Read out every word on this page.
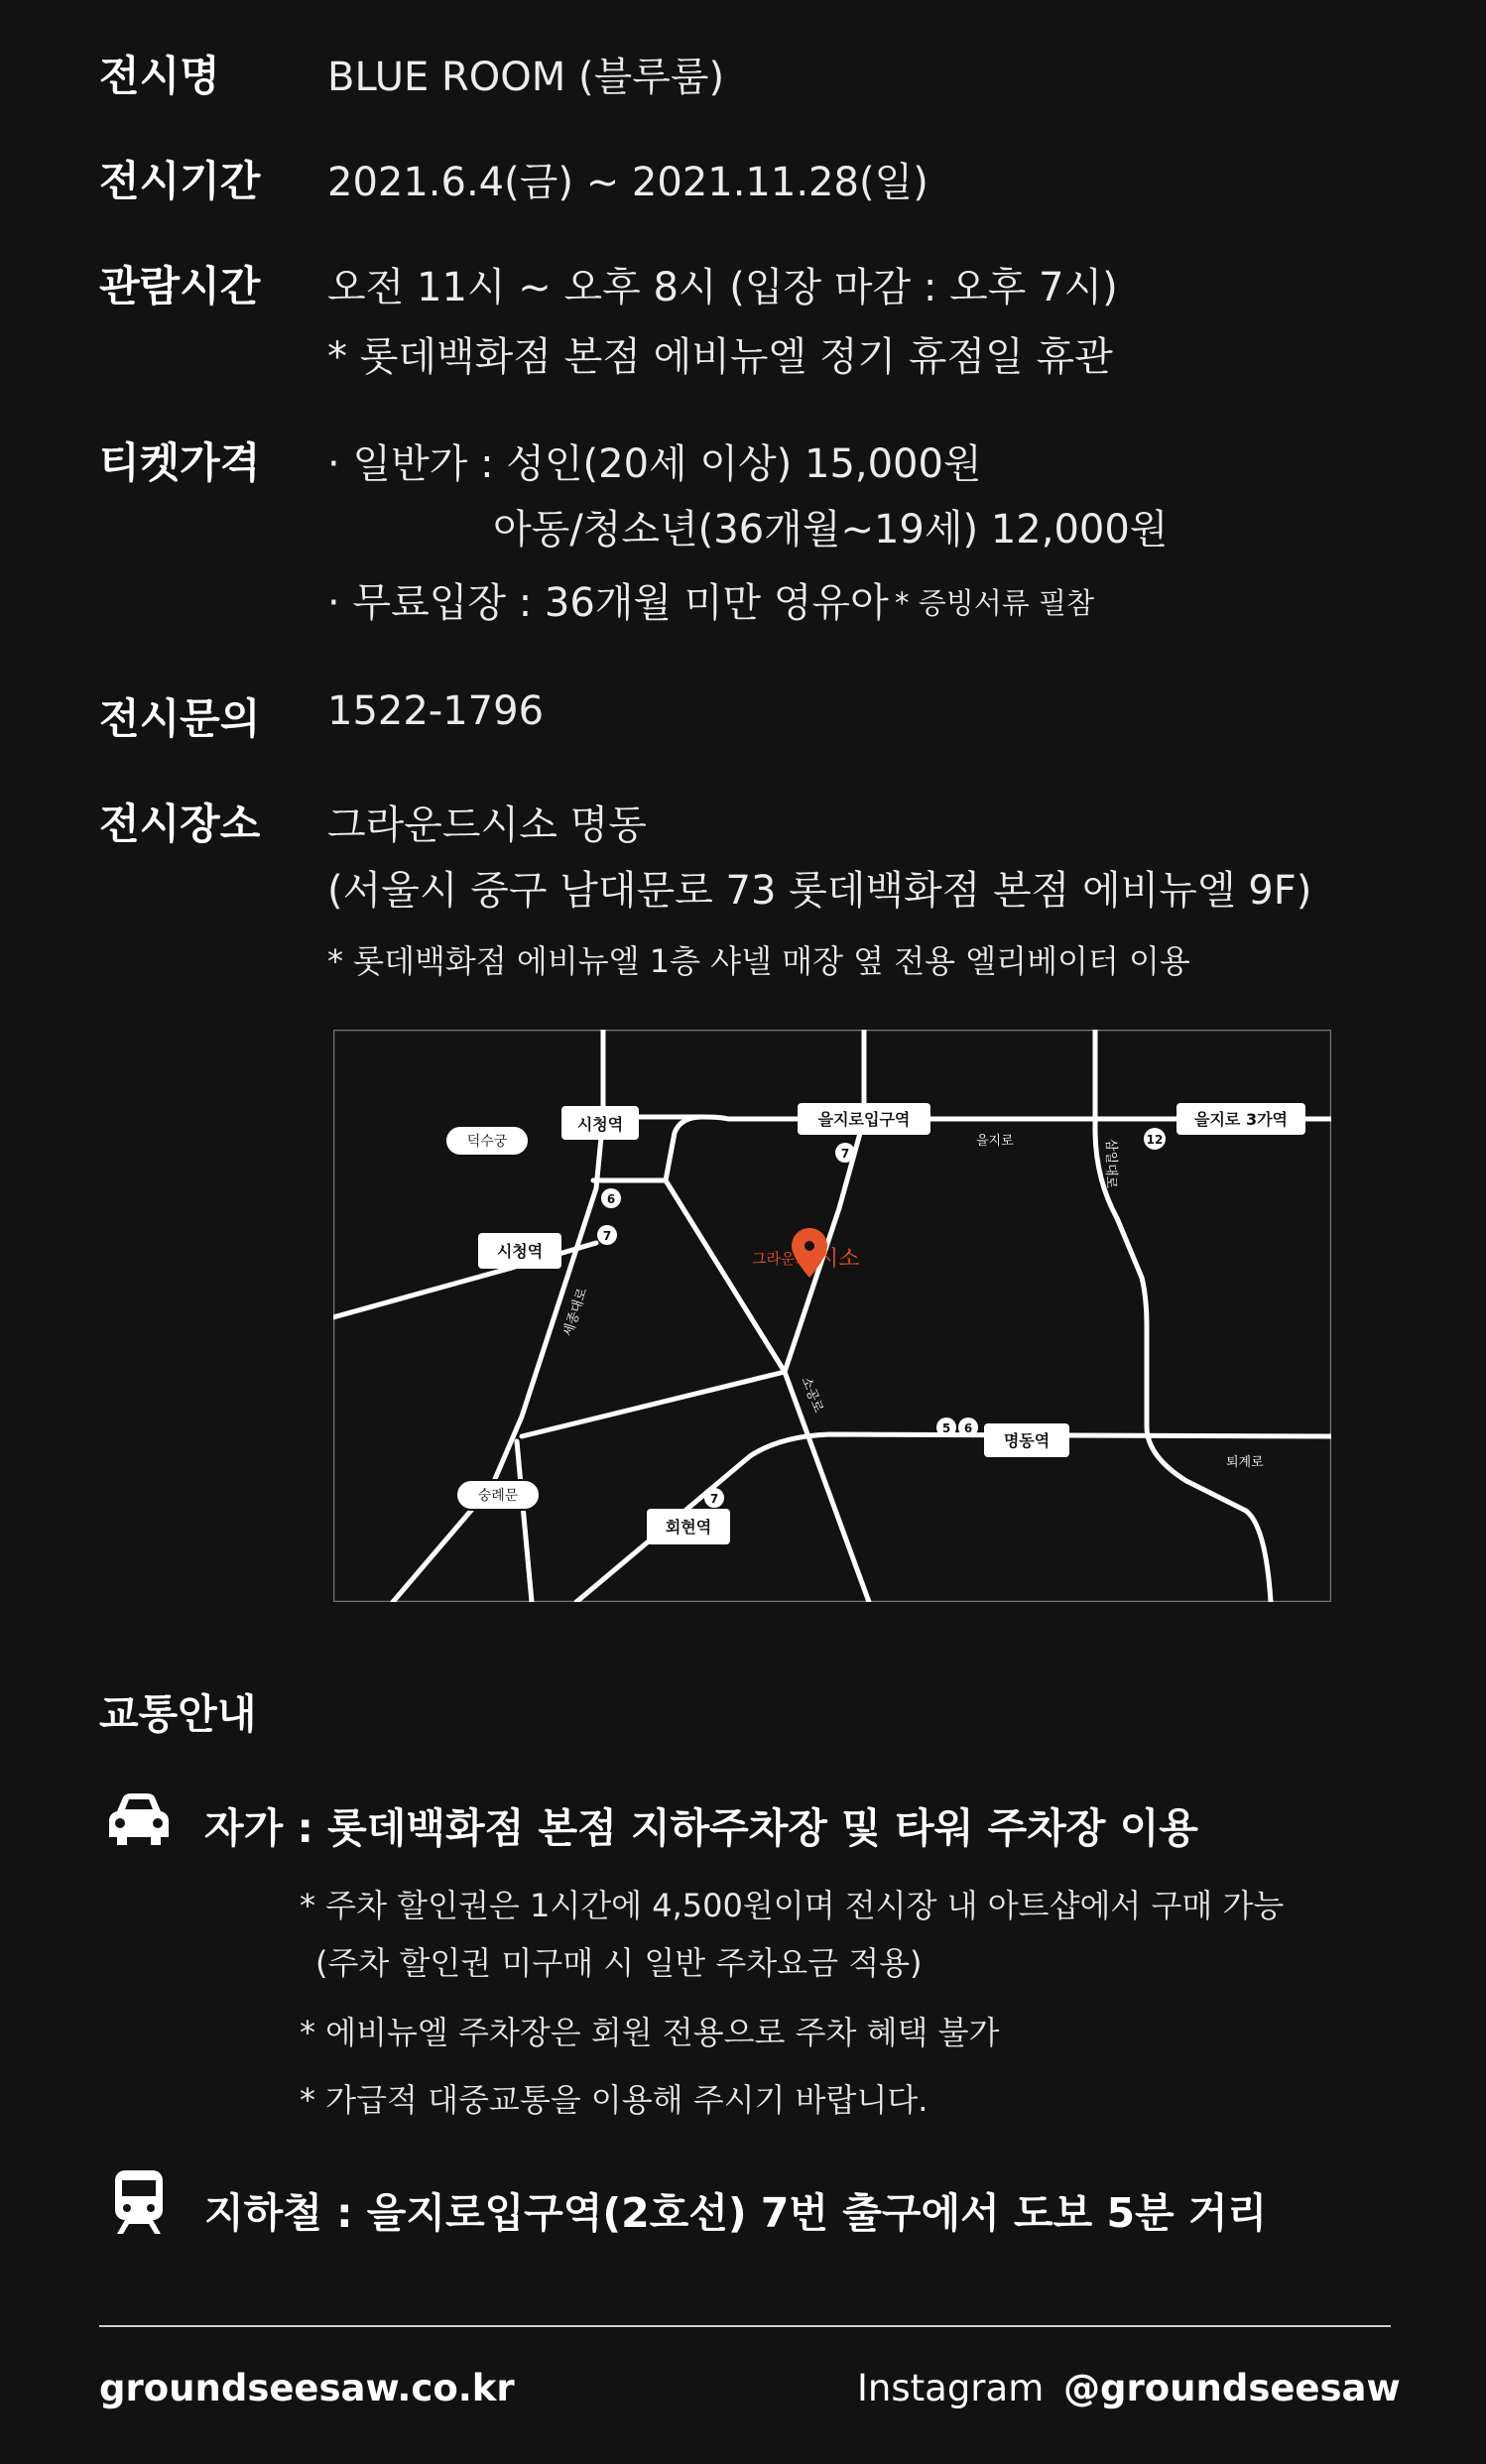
전시명	BLUE ROOM (블루룸)
전시기간 2021.6.4(금) ~ 2021.11.28(일)
관람시간 오전 11시 ~ 오후 8시 (입장 마감 : 오후 7시)
* 롯데백화점 본점 에비뉴엘 정기 휴점일 휴관
티켓가격 · 일반가 : 성인(20세 이상) 15,000원
아동/청소년(36개월~19세) 12,000원
· 무료입장 : 36개월 미만 영유아 * 증빙서류 필참
전시문의 1522-1796
전시장소 그라운드시소 명동
(서울시 중구 남대문로 73 롯데백화점 본점 에비뉴엘 9F)
* 롯데백화점 에비뉴엘 1층 샤넬 매장 옆 전용 엘리베이터 이용
그라운드 시소
시청역
시청역
을지로입구역	을지로 3가역
명동역
회현역
덕수궁
숭례문
을지로
퇴계로
삼일대로
세종대로
소공로
6
7
7
12
5 6
7
교통안내
자가 : 롯데백화점 본점 지하주차장 및 타워 주차장 이용
* 주차 할인권은 1시간에 4,500원이며 전시장 내 아트샵에서 구매 가능
(주차 할인권 미구매 시 일반 주차요금 적용)
* 에비뉴엘 주차장은 회원 전용으로 주차 혜택 불가
* 가급적 대중교통을 이용해 주시기 바랍니다.
지하철 : 을지로입구역(2호선) 7번 출구에서 도보 5분 거리
groundseesaw.co.kr	Instagram @groundseesaw
